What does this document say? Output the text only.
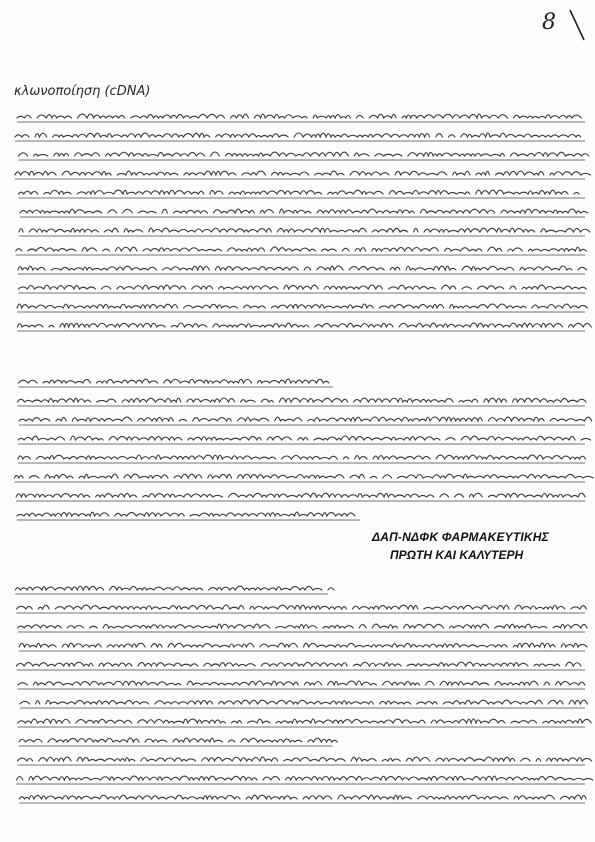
8
κλωνοποίηση (cDNA)
ΔΑΠ-ΝΔΦΚ ΦΑΡΜΑΚΕΥΤΙΚΗΣ
ΠΡΩΤΗ ΚΑΙ ΚΑΛΥΤΕΡΗ
